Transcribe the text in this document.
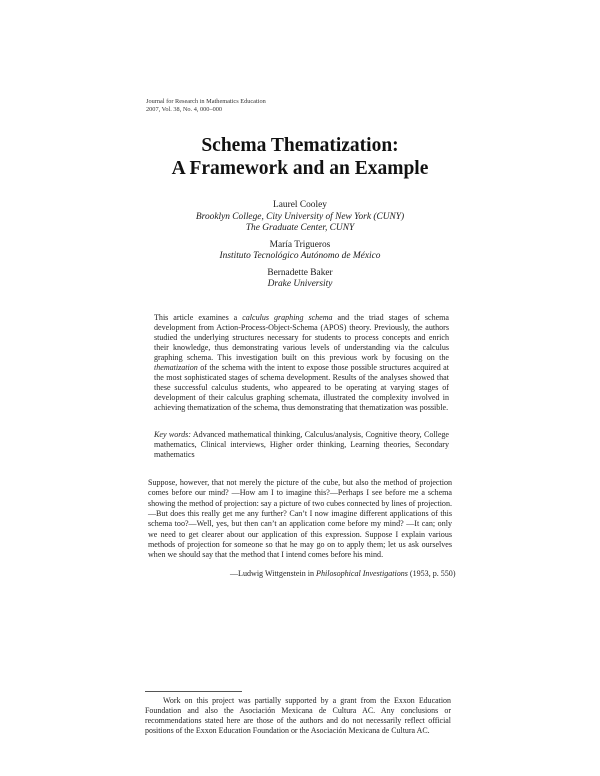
Journal for Research in Mathematics Education
2007, Vol. 38, No. 4, 000–000
Schema Thematization:
A Framework and an Example
Laurel Cooley
Brooklyn College, City University of New York (CUNY)
The Graduate Center, CUNY
María Trigueros
Instituto Tecnológico Autónomo de México
Bernadette Baker
Drake University
This article examines a calculus graphing schema and the triad stages of schema development from Action-Process-Object-Schema (APOS) theory. Previously, the authors studied the underlying structures necessary for students to process concepts and enrich their knowledge, thus demonstrating various levels of understanding via the calculus graphing schema. This investigation built on this previous work by focusing on the thematization of the schema with the intent to expose those possible structures acquired at the most sophisticated stages of schema development. Results of the analyses showed that these successful calculus students, who appeared to be operating at varying stages of development of their calculus graphing schemata, illustrated the complexity involved in achieving thematization of the schema, thus demonstrating that thematization was possible.
Key words: Advanced mathematical thinking, Calculus/analysis, Cognitive theory, College mathematics, Clinical interviews, Higher order thinking, Learning theories, Secondary mathematics
Suppose, however, that not merely the picture of the cube, but also the method of projection comes before our mind? —How am I to imagine this?—Perhaps I see before me a schema showing the method of projection: say a picture of two cubes connected by lines of projection.—But does this really get me any further? Can’t I now imagine different applications of this schema too?—Well, yes, but then can’t an application come before my mind? —It can; only we need to get clearer about our application of this expression. Suppose I explain various methods of projection for someone so that he may go on to apply them; let us ask ourselves when we should say that the method that I intend comes before his mind.
—Ludwig Wittgenstein in Philosophical Investigations (1953, p. 550)
Work on this project was partially supported by a grant from the Exxon Education Foundation and also the Asociación Mexicana de Cultura AC. Any conclusions or recommendations stated here are those of the authors and do not necessarily reflect official positions of the Exxon Education Foundation or the Asociación Mexicana de Cultura AC.
